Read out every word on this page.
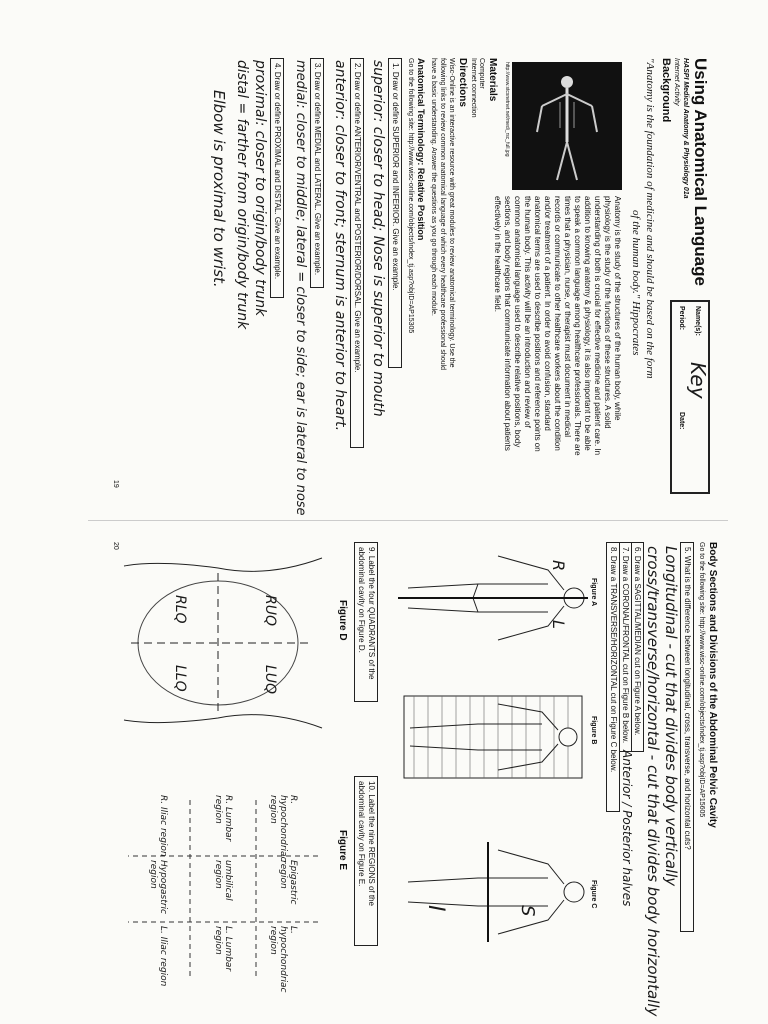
Using Anatomical Language
HASPI Medical Anatomy & Physiology 01a
Internet Activity
Background
Name(s):
Key
Period:
Date:
"Anatomy is the foundation of medicine and should be based on the form
of the human body." Hippocrates
http://www.stcsnetnet.net/medi_rsc_full.jpg
Anatomy is the study of the structures of the human body, while
physiology is the study of the functions of these structures. A solid
understanding of both is crucial for effective medicine and patient care. In
addition to knowing anatomy & physiology, it is also important to be able
to speak a common language among healthcare professionals. There are
times that a physician, nurse, or therapist must document in medical
records or communicate to other healthcare workers about the condition
and/or treatment of a patient. In order to avoid confusion, standard
anatomical terms are used to describe positions and reference points on
the human body. This activity will be an introduction and review of
common anatomical language used to describe relative positions, body
sections, and body regions that communicate information about patients
effectively in the healthcare field.
Materials
Computer
Internet connection
Directions
Wisc-Online is an interactive resource with great modules to review anatomical terminology. Use the
following links to review common anatomical language of which every healthcare professional should
have a basic understanding. Answer the questions as you go through each module.
Anatomical Terminology: Relative Position
Go to the following site: http://www.wisc-online.com/objects/index_tj.asp?objID=AP15305
1. Draw or define SUPERIOR and INFERIOR. Give an example.
superior: closer to head; Nose is superior to mouth
2. Draw or define ANTERIOR/VENTRAL and POSTERIOR/DORSAL. Give an example.
anterior: closer to front; sternum is anterior to heart.
3. Draw or define MEDIAL and LATERAL. Give an example.
medial: closer to middle; lateral = closer to side; ear is lateral to nose
4. Draw or define PROXIMAL and DISTAL. Give an example.
proximal: closer to origin/body trunk
distal = farther from origin/body trunk
Elbow is proximal to wrist.
19
Body Sections and Divisions of the Abdominal Pelvic Cavity
Go to the following site: http://www.wisc-online.com/objects/index_tj.asp?objID=AP15605
5. What is the difference between longitudinal, cross, transverse, and horizontal cuts?
Longitudinal - cut that divides body vertically
cross/transverse/horizontal - cut that divides body horizontally
6. Draw a SAGITTAL/MEDIAN cut on Figure A below.
7. Draw a CORONAL/FRONTAL cut on Figure B below.
Anterior / Posterior halves
8. Draw a TRANSVERSE/HORIZONTAL cut on Figure C below.
Figure A
Figure B
Figure C
R
L
S
I
9. Label the four QUADRANTS of the abdominal cavity on Figure D.
10. Label the nine REGIONS of the abdominal cavity on Figure E.
Figure D
Figure E
RUQ
LUQ
RLQ
LLQ
R. hypochondriac region
Epigastric region
L. hypochondriac region
R. Lumbar region
umbilical region
L. Lumbar region
R. Iliac region
Hypogastric region
L. Iliac region
20
